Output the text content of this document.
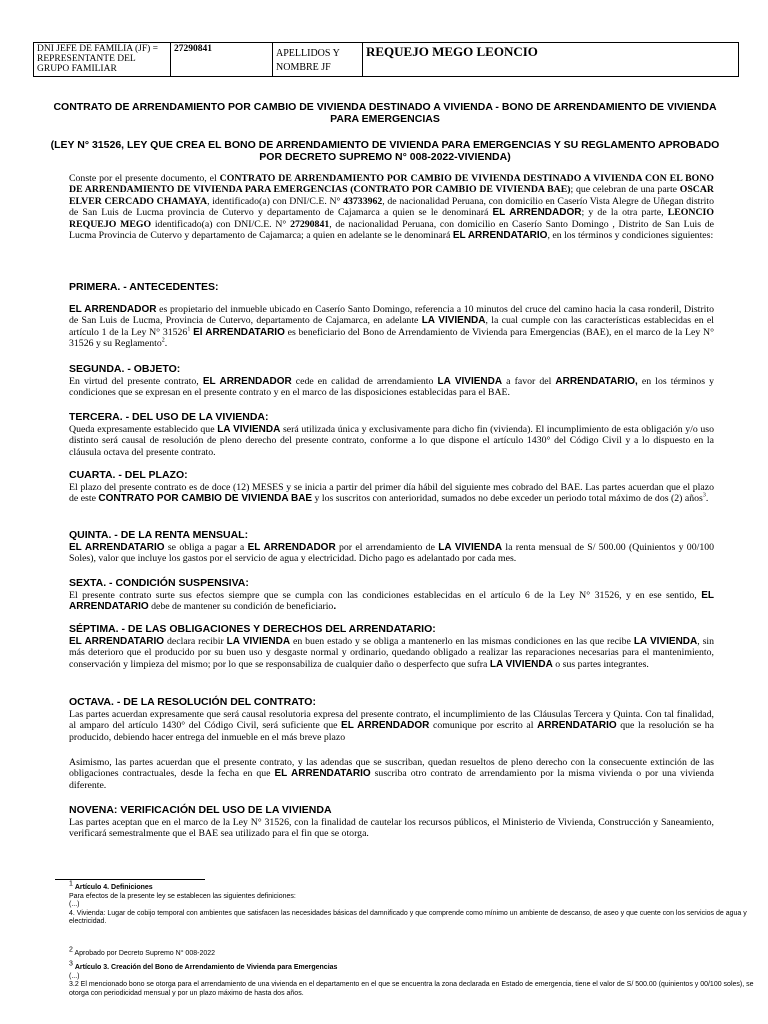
DNI JEFE DE FAMILIA (JF) = REPRESENTANTE DEL GRUPO FAMILIAR	27290841	APELLIDOS Y NOMBRE JF	REQUEJO MEGO LEONCIO

CONTRATO DE ARRENDAMIENTO POR CAMBIO DE VIVIENDA DESTINADO A VIVIENDA - BONO DE ARRENDAMIENTO DE VIVIENDA PARA EMERGENCIAS

(LEY N° 31526, LEY QUE CREA EL BONO DE ARRENDAMIENTO DE VIVIENDA PARA EMERGENCIAS Y SU REGLAMENTO APROBADO POR DECRETO SUPREMO N° 008-2022-VIVIENDA)

Conste por el presente documento, el CONTRATO DE ARRENDAMIENTO POR CAMBIO DE VIVIENDA DESTINADO A VIVIENDA CON EL BONO DE ARRENDAMIENTO DE VIVIENDA PARA EMERGENCIAS (CONTRATO POR CAMBIO DE VIVIENDA BAE); que celebran de una parte OSCAR ELVER CERCADO CHAMAYA, identificado(a) con DNI/C.E. N° 43733962, de nacionalidad Peruana, con domicilio en Caserío Vista Alegre de Uñegan distrito de San Luis de Lucma provincia de Cutervo y departamento de Cajamarca a quien se le denominará EL ARRENDADOR; y de la otra parte, LEONCIO REQUEJO MEGO identificado(a) con DNI/C.E. N° 27290841, de nacionalidad Peruana, con domicilio en Caserío Santo Domingo , Distrito de San Luis de Lucma Provincia de Cutervo y departamento de Cajamarca; a quien en adelante se le denominará EL ARRENDATARIO, en los términos y condiciones siguientes:

PRIMERA. - ANTECEDENTES:

EL ARRENDADOR es propietario del inmueble ubicado en Caserío Santo Domingo, referencia a 10 minutos del cruce del camino hacia la casa ronderil, Distrito de San Luis de Lucma, Provincia de Cutervo, departamento de Cajamarca, en adelante LA VIVIENDA, la cual cumple con las características establecidas en el artículo 1 de la Ley N° 31526$^1$ El ARRENDATARIO es beneficiario del Bono de Arrendamiento de Vivienda para Emergencias (BAE), en el marco de la Ley N° 31526 y su Reglamento$^2$.

SEGUNDA. - OBJETO:

En virtud del presente contrato, EL ARRENDADOR cede en calidad de arrendamiento LA VIVIENDA a favor del ARRENDATARIO, en los términos y condiciones que se expresan en el presente contrato y en el marco de las disposiciones establecidas para el BAE.

TERCERA. - DEL USO DE LA VIVIENDA:

Queda expresamente establecido que LA VIVIENDA será utilizada única y exclusivamente para dicho fin (vivienda). El incumplimiento de esta obligación y/o uso distinto será causal de resolución de pleno derecho del presente contrato, conforme a lo que dispone el artículo 1430° del Código Civil y a lo dispuesto en la cláusula octava del presente contrato.

CUARTA. - DEL PLAZO:

El plazo del presente contrato es de doce (12) MESES y se inicia a partir del primer día hábil del siguiente mes cobrado del BAE. Las partes acuerdan que el plazo de este CONTRATO POR CAMBIO DE VIVIENDA BAE y los suscritos con anterioridad, sumados no debe exceder un periodo total máximo de dos (2) años$^3$.

QUINTA. - DE LA RENTA MENSUAL:

EL ARRENDATARIO se obliga a pagar a EL ARRENDADOR por el arrendamiento de LA VIVIENDA la renta mensual de S/ 500.00 (Quinientos y 00/100 Soles), valor que incluye los gastos por el servicio de agua y electricidad. Dicho pago es adelantado por cada mes.

SEXTA. - CONDICIÓN SUSPENSIVA:

El presente contrato surte sus efectos siempre que se cumpla con las condiciones establecidas en el artículo 6 de la Ley N° 31526, y en ese sentido, EL ARRENDATARIO debe de mantener su condición de beneficiario.

SÉPTIMA. - DE LAS OBLIGACIONES Y DERECHOS DEL ARRENDATARIO:

EL ARRENDATARIO declara recibir LA VIVIENDA en buen estado y se obliga a mantenerlo en las mismas condiciones en las que recibe LA VIVIENDA, sin más deterioro que el producido por su buen uso y desgaste normal y ordinario, quedando obligado a realizar las reparaciones necesarias para el mantenimiento, conservación y limpieza del mismo; por lo que se responsabiliza de cualquier daño o desperfecto que sufra LA VIVIENDA o sus partes integrantes.

OCTAVA. - DE LA RESOLUCIÓN DEL CONTRATO:

Las partes acuerdan expresamente que será causal resolutoria expresa del presente contrato, el incumplimiento de las Cláusulas Tercera y Quinta. Con tal finalidad, al amparo del artículo 1430° del Código Civil, será suficiente que EL ARRENDADOR comunique por escrito al ARRENDATARIO que la resolución se ha producido, debiendo hacer entrega del inmueble en el más breve plazo

Asimismo, las partes acuerdan que el presente contrato, y las adendas que se suscriban, quedan resueltos de pleno derecho con la consecuente extinción de las obligaciones contractuales, desde la fecha en que EL ARRENDATARIO suscriba otro contrato de arrendamiento por la misma vivienda o por una vivienda diferente.

NOVENA: VERIFICACIÓN DEL USO DE LA VIVIENDA

Las partes aceptan que en el marco de la Ley N° 31526, con la finalidad de cautelar los recursos públicos, el Ministerio de Vivienda, Construcción y Saneamiento, verificará semestralmente que el BAE sea utilizado para el fin que se otorga.

$^1$ Artículo 4. Definiciones
Para efectos de la presente ley se establecen las siguientes definiciones:
(...)
4. Vivienda: Lugar de cobijo temporal con ambientes que satisfacen las necesidades básicas del damnificado y que comprende como mínimo un ambiente de descanso, de aseo y que cuente con los servicios de agua y electricidad.

$^2$ Aprobado por Decreto Supremo N° 008-2022

$^3$ Artículo 3. Creación del Bono de Arrendamiento de Vivienda para Emergencias
(...)
3.2 El mencionado bono se otorga para el arrendamiento de una vivienda en el departamento en el que se encuentra la zona declarada en Estado de emergencia, tiene el valor de S/ 500.00 (quinientos y 00/100 soles), se otorga con periodicidad mensual y por un plazo máximo de hasta dos años.
